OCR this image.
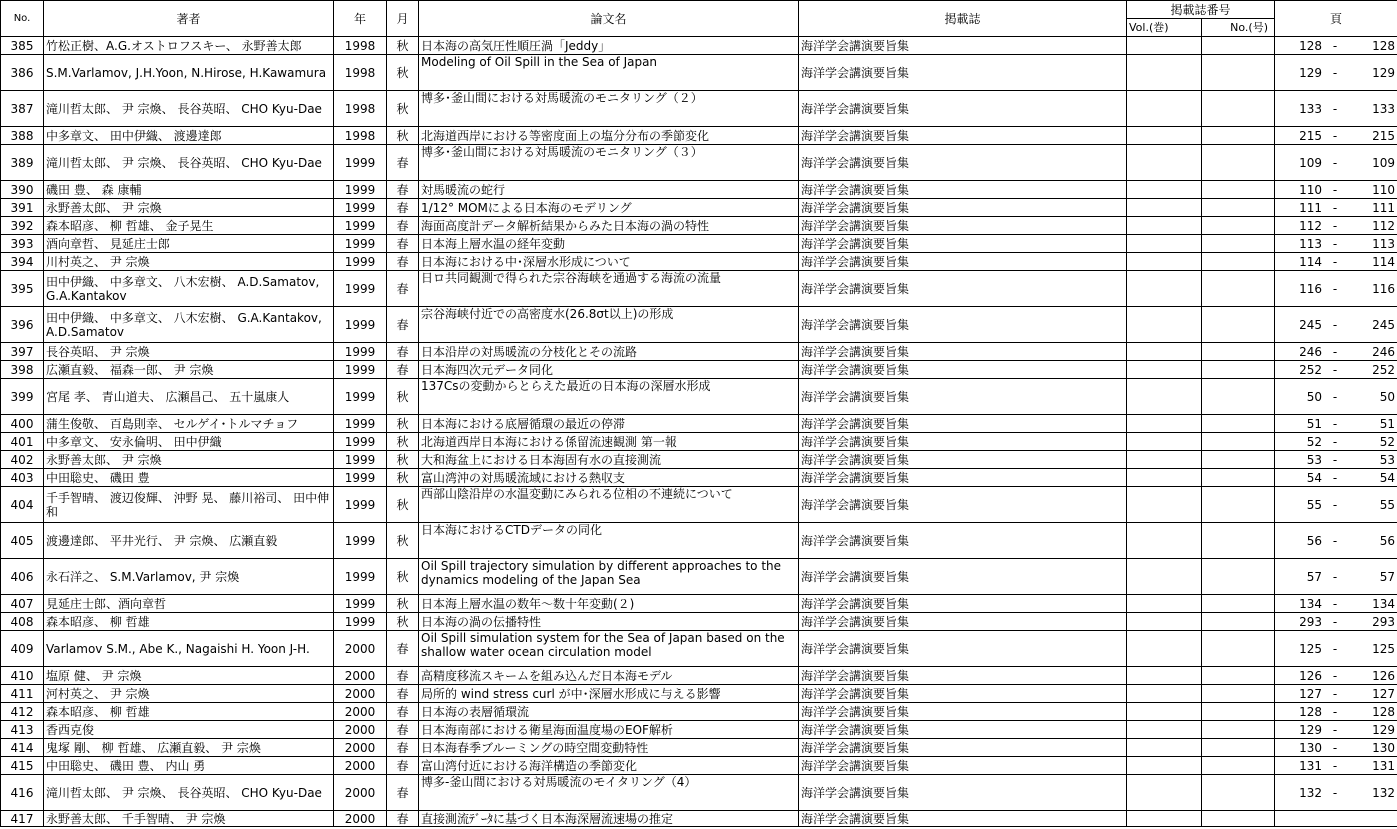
No.	著者	年	月	論文名	掲載誌	掲載誌番号		頁
						Vol.(巻)	No.(号)	
385	竹松正樹、A.G.オストロフスキー、 永野善太郎	1998	秋	日本海の高気圧性順圧渦「Jeddy」	海洋学会講演要旨集			128 - 128

386	S.M.Varlamov, J.H.Yoon, N.Hirose, H.Kawamura	1998	秋	Modeling of Oil Spill in the Sea of Japan	海洋学会講演要旨集			129 - 129

387	滝川哲太郎、 尹 宗煥、 長谷英昭、 CHO Kyu-Dae	1998	秋	博多･釜山間における対馬暖流のモニタリング（２）	海洋学会講演要旨集			133 - 133

388	中多章文、 田中伊織、 渡邊達郎	1998	秋	北海道西岸における等密度面上の塩分分布の季節変化	海洋学会講演要旨集			215 - 215

389	滝川哲太郎、 尹 宗煥、 長谷英昭、 CHO Kyu-Dae	1999	春	博多･釜山間における対馬暖流のモニタリング（３）	海洋学会講演要旨集			109 - 109

390	磯田 豊、 森 康輔	1999	春	対馬暖流の蛇行	海洋学会講演要旨集			110 - 110

391	永野善太郎、 尹 宗煥	1999	春	1/12° MOMによる日本海のモデリング	海洋学会講演要旨集			111 - 111

392	森本昭彦、 柳 哲雄、 金子晃生	1999	春	海面高度計データ解析結果からみた日本海の渦の特性	海洋学会講演要旨集			112 - 112

393	酒向章哲、 見延庄士郎	1999	春	日本海上層水温の経年変動	海洋学会講演要旨集			113 - 113

394	川村英之、 尹 宗煥	1999	春	日本海における中･深層水形成について	海洋学会講演要旨集			114 - 114

395	田中伊織、 中多章文、 八木宏樹、 A.D.Samatov, G.A.Kantakov	1999	春	日ロ共同観測で得られた宗谷海峡を通過する海流の流量	海洋学会講演要旨集			116 - 116

396	田中伊織、 中多章文、 八木宏樹、 G.A.Kantakov, A.D.Samatov	1999	春	宗谷海峡付近での高密度水(26.8σt以上)の形成	海洋学会講演要旨集			245 - 245

397	長谷英昭、 尹 宗煥	1999	春	日本沿岸の対馬暖流の分枝化とその流路	海洋学会講演要旨集			246 - 246

398	広瀬直毅、 福森一郎、 尹 宗煥	1999	春	日本海四次元データ同化	海洋学会講演要旨集			252 - 252

399	宮尾 孝、 青山道夫、 広瀬昌己、 五十嵐康人	1999	秋	137Csの変動からとらえた最近の日本海の深層水形成	海洋学会講演要旨集			50 - 50

400	蒲生俊敬、 百島則幸、 セルゲイ･トルマチョフ	1999	秋	日本海における底層循環の最近の停滞	海洋学会講演要旨集			51 - 51

401	中多章文、 安永倫明、 田中伊織	1999	秋	北海道西岸日本海における係留流速観測 第一報	海洋学会講演要旨集			52 - 52

402	永野善太郎、 尹 宗煥	1999	秋	大和海盆上における日本海固有水の直接測流	海洋学会講演要旨集			53 - 53

403	中田聡史、 磯田 豊	1999	秋	富山湾沖の対馬暖流域における熱収支	海洋学会講演要旨集			54 - 54

404	千手智晴、 渡辺俊輝、 沖野 晃、 藤川裕司、 田中伸和	1999	秋	西部山陰沿岸の水温変動にみられる位相の不連続について	海洋学会講演要旨集			55 - 55

405	渡邊達郎、 平井光行、 尹 宗煥、 広瀬直毅	1999	秋	日本海におけるCTDデータの同化	海洋学会講演要旨集			56 - 56

406	永石洋之、 S.M.Varlamov, 尹 宗煥	1999	秋	Oil Spill trajectory simulation by different approaches to the dynamics modeling of the Japan Sea	海洋学会講演要旨集			57 - 57

407	見延庄士郎、酒向章哲	1999	秋	日本海上層水温の数年～数十年変動(２)	海洋学会講演要旨集			134 - 134

408	森本昭彦、 柳 哲雄	1999	秋	日本海の渦の伝播特性	海洋学会講演要旨集			293 - 293

409	Varlamov S.M., Abe K., Nagaishi H. Yoon J-H.	2000	春	Oil Spill simulation system for the Sea of Japan based on the shallow water ocean circulation model	海洋学会講演要旨集			125 - 125

410	塩原 健、 尹 宗煥	2000	春	高精度移流スキームを組み込んだ日本海モデル	海洋学会講演要旨集			126 - 126

411	河村英之、 尹 宗煥	2000	春	局所的 wind stress curl が中･深層水形成に与える影響	海洋学会講演要旨集			127 - 127

412	森本昭彦、 柳 哲雄	2000	春	日本海の表層循環流	海洋学会講演要旨集			128 - 128

413	香西克俊	2000	春	日本海南部における衛星海面温度場のEOF解析	海洋学会講演要旨集			129 - 129

414	鬼塚 剛、 柳 哲雄、 広瀬直毅、 尹 宗煥	2000	春	日本海春季ブルーミングの時空間変動特性	海洋学会講演要旨集			130 - 130

415	中田聡史、 磯田 豊、 内山 勇	2000	春	富山湾付近における海洋構造の季節変化	海洋学会講演要旨集			131 - 131

416	滝川哲太郎、 尹 宗煥、 長谷英昭、 CHO Kyu-Dae	2000	春	博多-釜山間における対馬暖流のモイタリング（4）	海洋学会講演要旨集			132 - 132

417	永野善太郎、 千手智晴、 尹 宗煥	2000	春	直接測流ﾃﾞｰﾀに基づく日本海深層流速場の推定	海洋学会講演要旨集			
